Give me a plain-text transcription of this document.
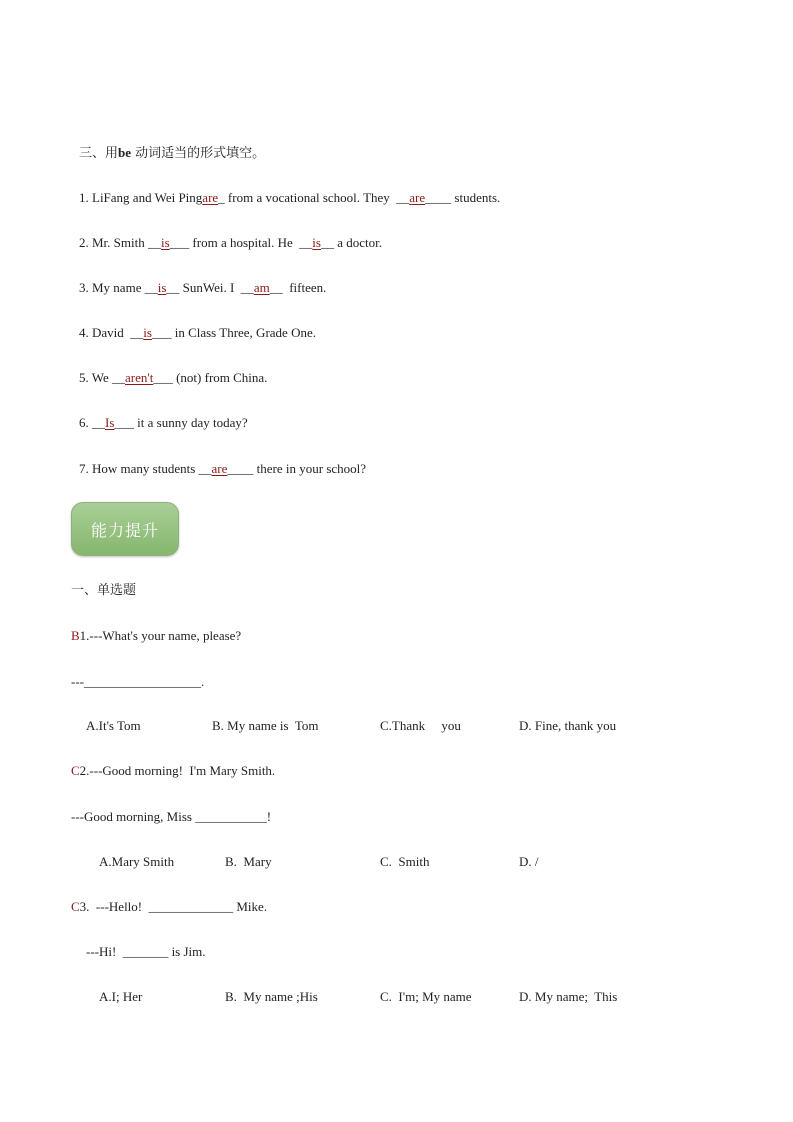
三、用be 动词适当的形式填空。
1. LiFang and Wei Pingare_ from a vocational school. They  __are____ students.
2. Mr. Smith __is___ from a hospital. He  __is__ a doctor.
3. My name __is__ SunWei. I  __am__  fifteen.
4. David  __is___ in Class Three, Grade One.
5. We __aren't___ (not) from China.
6. __Is___ it a sunny day today?
7. How many students __are____ there in your school?
能力提升
一、单选题
B1.---What's your name, please?
---__________________.
A.It's Tom	B. My name is  Tom	C.Thank     you	D. Fine, thank you
C2.---Good morning!  I'm Mary Smith.
---Good morning, Miss ___________!
A.Mary Smith	B.  Mary	C.  Smith	D. /
C3.  ---Hello!  _____________ Mike.
---Hi!  _______ is Jim.
A.I; Her	B.  My name ;His	C.  I'm; My name	D. My name;  This
